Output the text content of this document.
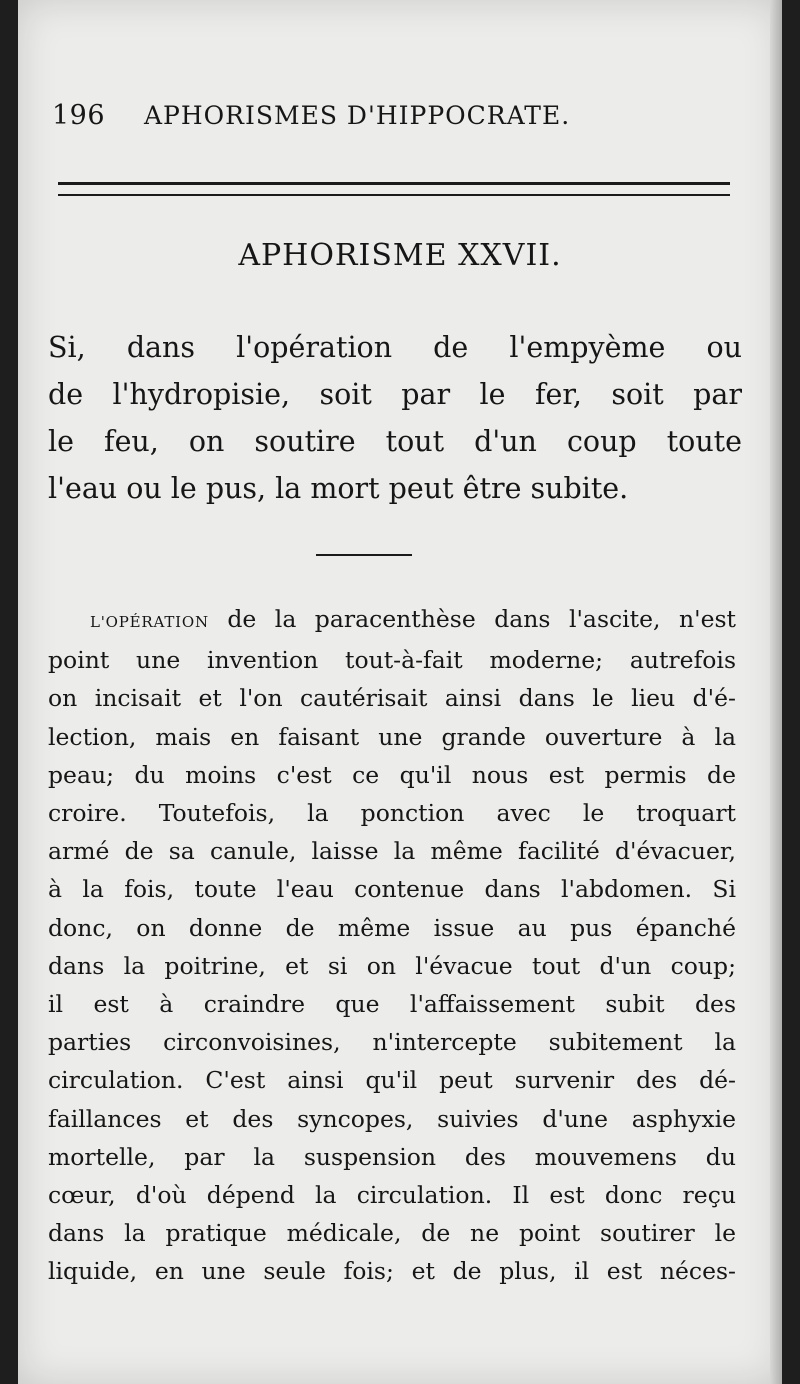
196	APHORISMES D'HIPPOCRATE.
APHORISME XXVII.

Si, dans l'opération de l'empyème ou

de l'hydropisie, soit par le fer, soit par

le feu, on soutire tout d'un coup toute

l'eau ou le pus, la mort peut être subite.

L'OPÉRATION de la paracenthèse dans l'ascite, n'est

point une invention tout-à-fait moderne; autrefois

on incisait et l'on cautérisait ainsi dans le lieu d'é-

lection, mais en faisant une grande ouverture à la

peau; du moins c'est ce qu'il nous est permis de

croire. Toutefois, la ponction avec le troquart

armé de sa canule, laisse la même facilité d'évacuer,

à la fois, toute l'eau contenue dans l'abdomen. Si

donc, on donne de même issue au pus épanché

dans la poitrine, et si on l'évacue tout d'un coup;

il est à craindre que l'affaissement subit des

parties circonvoisines, n'intercepte subitement la

circulation. C'est ainsi qu'il peut survenir des dé-

faillances et des syncopes, suivies d'une asphyxie

mortelle, par la suspension des mouvemens du

cœur, d'où dépend la circulation. Il est donc reçu

dans la pratique médicale, de ne point soutirer le

liquide, en une seule fois; et de plus, il est néces-
